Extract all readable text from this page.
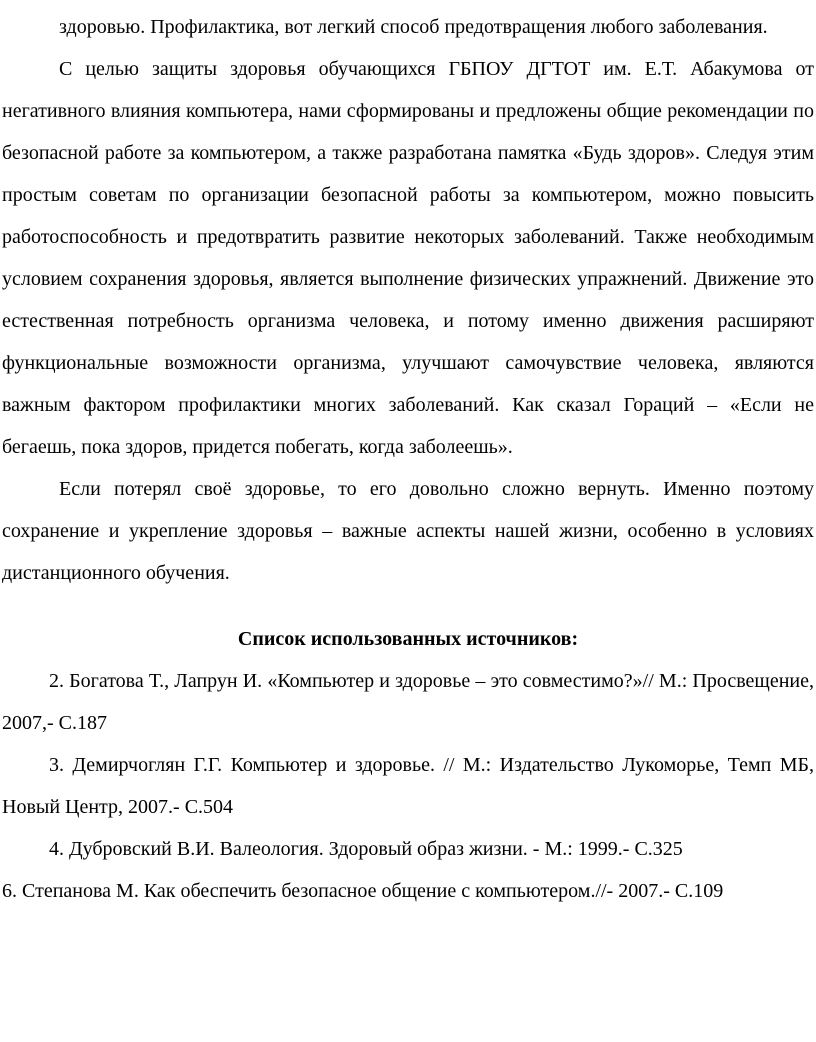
здоровью. Профилактика, вот легкий способ предотвращения любого заболевания.

С целью защиты здоровья обучающихся ГБПОУ ДГТОТ им. Е.Т. Абакумова от негативного влияния компьютера, нами сформированы и предложены общие рекомендации по безопасной работе за компьютером, а также разработана памятка «Будь здоров». Следуя этим простым советам по организации безопасной работы за компьютером, можно повысить работоспособность и предотвратить развитие некоторых заболеваний. Также необходимым условием сохранения здоровья, является выполнение физических упражнений. Движение это естественная потребность организма человека, и потому именно движения расширяют функциональные возможности организма, улучшают самочувствие человека, являются важным фактором профилактики многих заболеваний. Как сказал Гораций – «Если не бегаешь, пока здоров, придется побегать, когда заболеешь».

Если потерял своё здоровье, то его довольно сложно вернуть. Именно поэтому сохранение и укрепление здоровья – важные аспекты нашей жизни, особенно в условиях дистанционного обучения.

Список использованных источников:

2. Богатова Т., Лапрун И. «Компьютер и здоровье – это совместимо?»// М.: Просвещение, 2007,- С.187

3. Демирчоглян Г.Г. Компьютер и здоровье. // М.: Издательство Лукоморье, Темп МБ, Новый Центр, 2007.- С.504

4. Дубровский В.И. Валеология. Здоровый образ жизни. - М.: 1999.- С.325

6. Степанова М. Как обеспечить безопасное общение с компьютером.//- 2007.- С.109
